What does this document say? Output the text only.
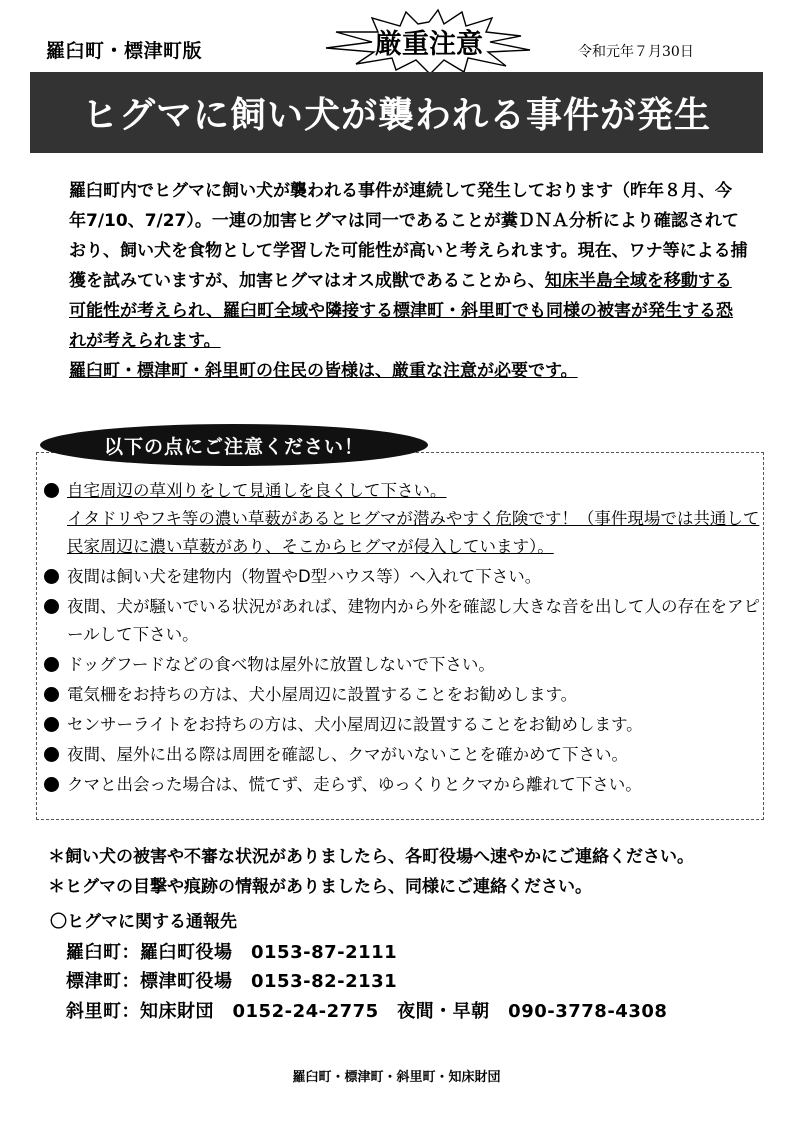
羅臼町・標津町版	厳重注意	令和元年７月30日
ヒグマに飼い犬が襲われる事件が発生

羅臼町内でヒグマに飼い犬が襲われる事件が連続して発生しております（昨年８月、今年7/10、7/27）。一連の加害ヒグマは同一であることが糞ＤＮＡ分析により確認されており、飼い犬を食物として学習した可能性が高いと考えられます。現在、ワナ等による捕獲を試みていますが、加害ヒグマはオス成獣であることから、知床半島全域を移動する可能性が考えられ、羅臼町全域や隣接する標津町・斜里町でも同様の被害が発生する恐れが考えられます。

羅臼町・標津町・斜里町の住民の皆様は、厳重な注意が必要です。

以下の点にご注意ください！
自宅周辺の草刈りをして見通しを良くして下さい。
イタドリやフキ等の濃い草薮があるとヒグマが潜みやすく危険です！（事件現場では共通して民家周辺に濃い草薮があり、そこからヒグマが侵入しています）。
夜間は飼い犬を建物内（物置やD型ハウス等）へ入れて下さい。
夜間、犬が騒いでいる状況があれば、建物内から外を確認し大きな音を出して人の存在をアピールして下さい。
ドッグフードなどの食べ物は屋外に放置しないで下さい。
電気柵をお持ちの方は、犬小屋周辺に設置することをお勧めします。
センサーライトをお持ちの方は、犬小屋周辺に設置することをお勧めします。
夜間、屋外に出る際は周囲を確認し、クマがいないことを確かめて下さい。
クマと出会った場合は、慌てず、走らず、ゆっくりとクマから離れて下さい。
＊飼い犬の被害や不審な状況がありましたら、各町役場へ速やかにご連絡ください。
＊ヒグマの目撃や痕跡の情報がありましたら、同様にご連絡ください。
〇ヒグマに関する通報先
羅臼町：羅臼町役場　0153-87-2111
標津町：標津町役場　0153-82-2131
斜里町：知床財団　0152-24-2775　夜間・早朝　090-3778-4308
羅臼町・標津町・斜里町・知床財団
